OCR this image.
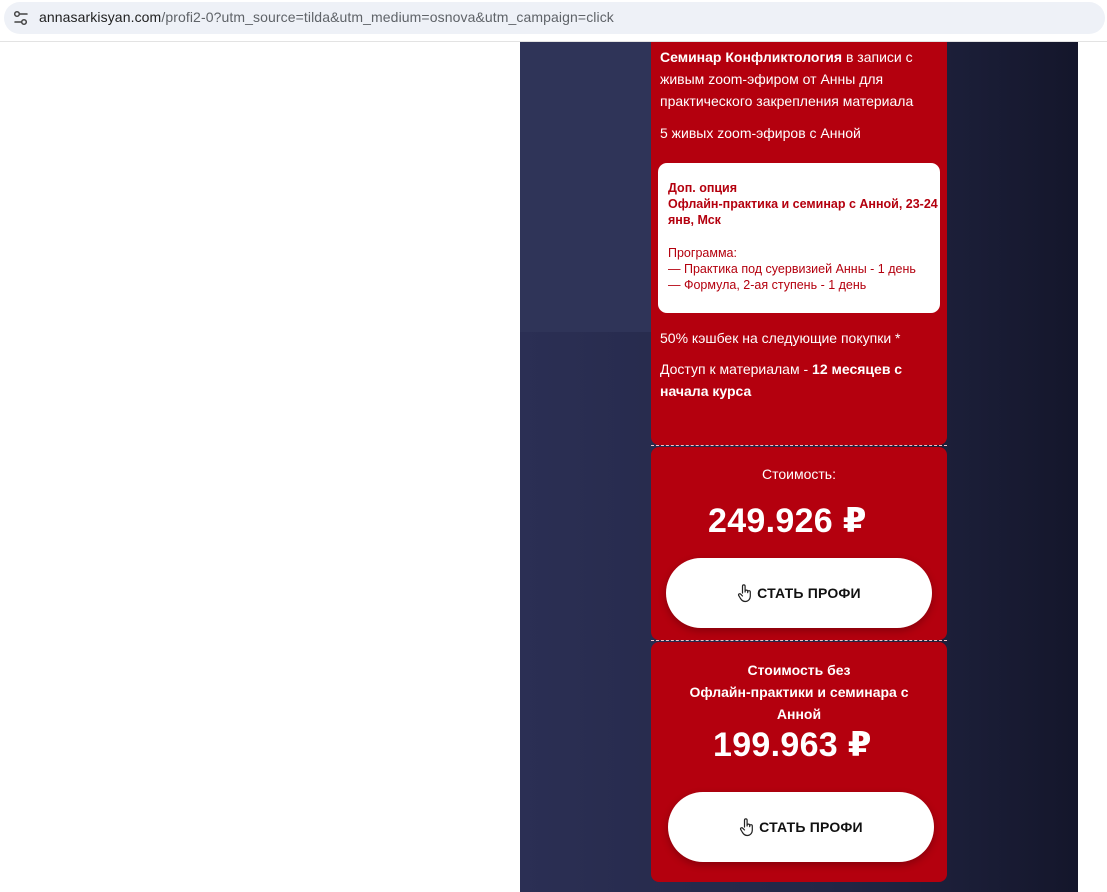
annasarkisyan.com/profi2-0?utm_source=tilda&utm_medium=osnova&utm_campaign=click

Семинар Конфликтология в записи с живым zoom-эфиром от Анны для практического закрепления материала

5 живых zoom-эфиров с Анной

Доп. опция
Офлайн-практика и семинар с Анной, 23-24 янв, Мск
Программа:
— Практика под суервизией Анны - 1 день
— Формула, 2-ая ступень - 1 день

50% кэшбек на следующие покупки *

Доступ к материалам - 12 месяцев с начала курса

Стоимость:
249.926 ₽
СТАТЬ ПРОФИ
Стоимость без
Офлайн-практики и семинара с Анной
199.963 ₽
СТАТЬ ПРОФИ
